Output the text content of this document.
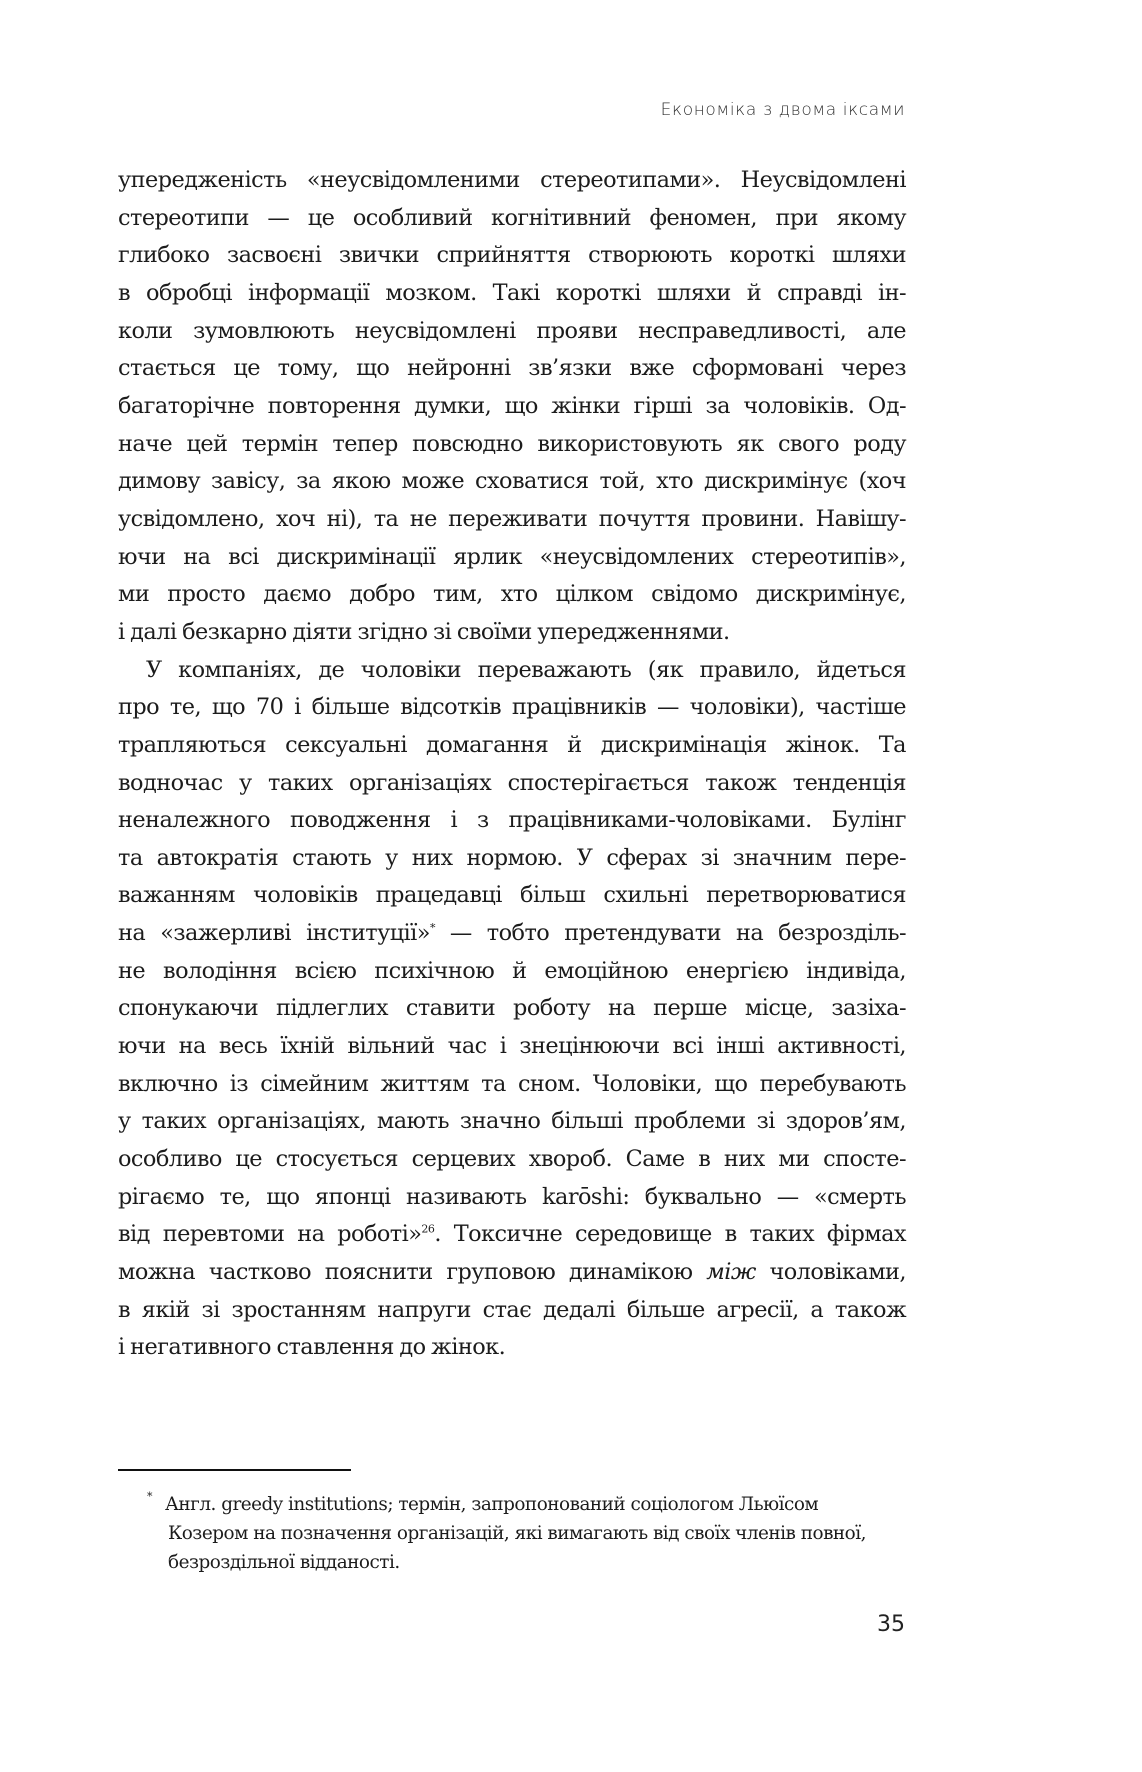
Економіка з двома іксами
упередженість «неусвідомленими стереотипами». Неусвідомлені
стереотипи — це особливий когнітивний феномен, при якому
глибоко засвоєні звички сприйняття створюють короткі шляхи
в обробці інформації мозком. Такі короткі шляхи й справді ін-
коли зумовлюють неусвідомлені прояви несправедливості, але
стається це тому, що нейронні зв’язки вже сформовані через
багаторічне повторення думки, що жінки гірші за чоловіків. Од-
наче цей термін тепер повсюдно використовують як свого роду
димову завісу, за якою може сховатися той, хто дискримінує (хоч
усвідомлено, хоч ні), та не переживати почуття провини. Навішу-
ючи на всі дискримінації ярлик «неусвідомлених стереотипів»,
ми просто даємо добро тим, хто цілком свідомо дискримінує,
і далі безкарно діяти згідно зі своїми упередженнями.
У компаніях, де чоловіки переважають (як правило, йдеться
про те, що 70 і більше відсотків працівників — чоловіки), частіше
трапляються сексуальні домагання й дискримінація жінок. Та
водночас у таких організаціях спостерігається також тенденція
неналежного поводження і з працівниками-чоловіками. Булінг
та автократія стають у них нормою. У сферах зі значним пере-
важанням чоловіків працедавці більш схильні перетворюватися
на «зажерливі інституції»* — тобто претендувати на безрозділь-
не володіння всією психічною й емоційною енергією індивіда,
спонукаючи підлеглих ставити роботу на перше місце, зазіха-
ючи на весь їхній вільний час і знецінюючи всі інші активності,
включно із сімейним життям та сном. Чоловіки, що перебувають
у таких організаціях, мають значно більші проблеми зі здоров’ям,
особливо це стосується серцевих хвороб. Саме в них ми спосте-
рігаємо те, що японці називають karōshi: буквально — «смерть
від перевтоми на роботі»$^{26}$. Токсичне середовище в таких фірмах
можна частково пояснити груповою динамікою між чоловіками,
в якій зі зростанням напруги стає дедалі більше агресії, а також
і негативного ставлення до жінок.
* Англ. greedy institutions; термін, запропонований соціологом Льюїсом
Козером на позначення організацій, які вимагають від своїх членів повної,
безроздільної відданості.
35
